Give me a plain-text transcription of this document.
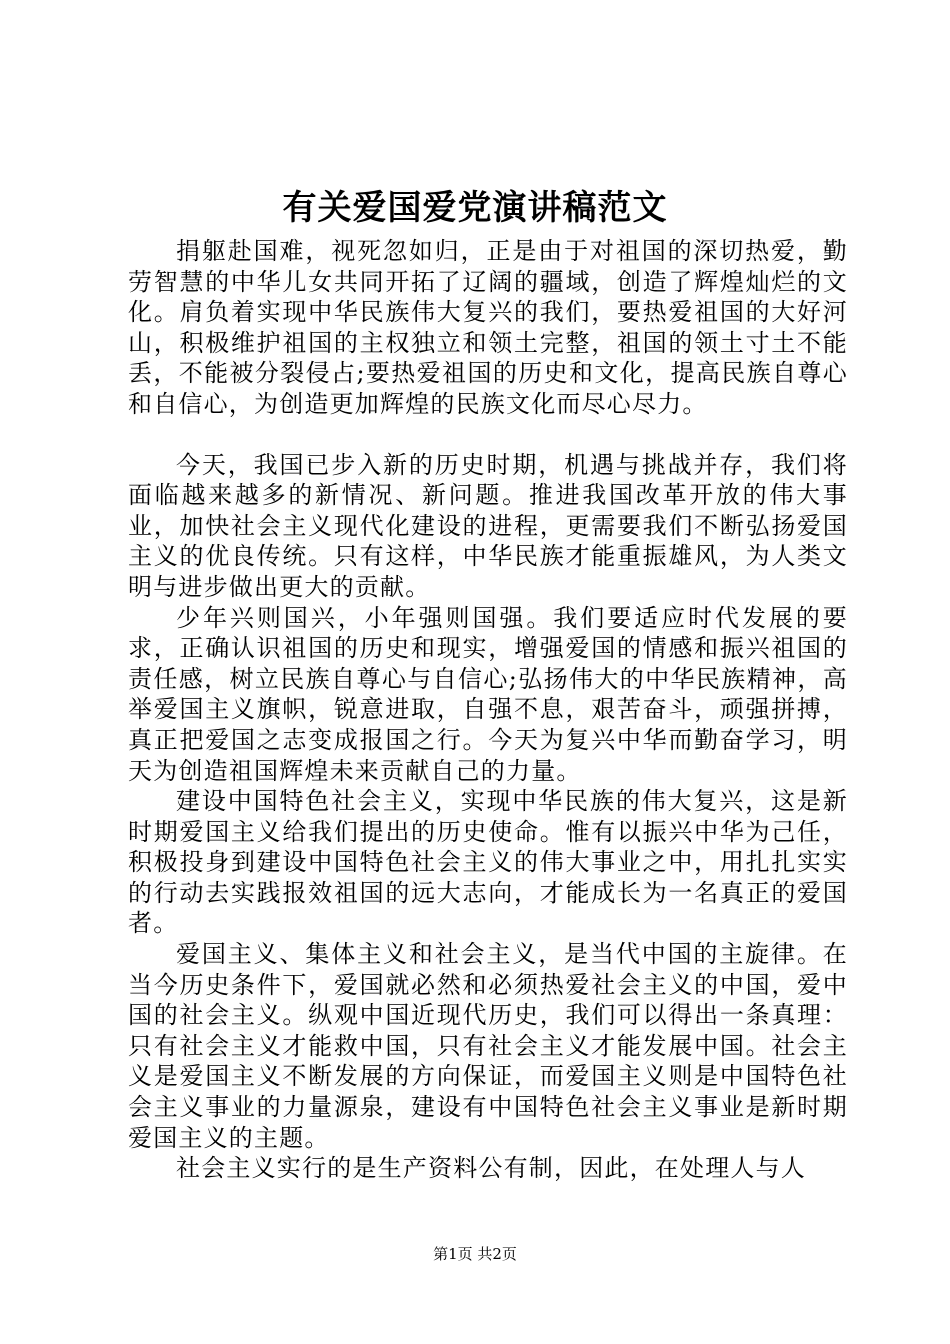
有关爱国爱党演讲稿范文

捐躯赴国难，视死忽如归，正是由于对祖国的深切热爱，勤劳智慧的中华儿女共同开拓了辽阔的疆域，创造了辉煌灿烂的文化。肩负着实现中华民族伟大复兴的我们，要热爱祖国的大好河山，积极维护祖国的主权独立和领土完整，祖国的领土寸土不能丢，不能被分裂侵占;要热爱祖国的历史和文化，提高民族自尊心和自信心，为创造更加辉煌的民族文化而尽心尽力。

今天，我国已步入新的历史时期，机遇与挑战并存，我们将面临越来越多的新情况、新问题。推进我国改革开放的伟大事业，加快社会主义现代化建设的进程，更需要我们不断弘扬爱国主义的优良传统。只有这样，中华民族才能重振雄风，为人类文明与进步做出更大的贡献。

少年兴则国兴，小年强则国强。我们要适应时代发展的要求，正确认识祖国的历史和现实，增强爱国的情感和振兴祖国的责任感，树立民族自尊心与自信心;弘扬伟大的中华民族精神，高举爱国主义旗帜，锐意进取，自强不息，艰苦奋斗，顽强拼搏，真正把爱国之志变成报国之行。今天为复兴中华而勤奋学习，明天为创造祖国辉煌未来贡献自己的力量。

建设中国特色社会主义，实现中华民族的伟大复兴，这是新时期爱国主义给我们提出的历史使命。惟有以振兴中华为己任，积极投身到建设中国特色社会主义的伟大事业之中，用扎扎实实的行动去实践报效祖国的远大志向，才能成长为一名真正的爱国者。

爱国主义、集体主义和社会主义，是当代中国的主旋律。在当今历史条件下，爱国就必然和必须热爱社会主义的中国，爱中国的社会主义。纵观中国近现代历史，我们可以得出一条真理：只有社会主义才能救中国，只有社会主义才能发展中国。社会主义是爱国主义不断发展的方向保证，而爱国主义则是中国特色社会主义事业的力量源泉，建设有中国特色社会主义事业是新时期爱国主义的主题。

社会主义实行的是生产资料公有制，因此，在处理人与人

第1页 共2页
